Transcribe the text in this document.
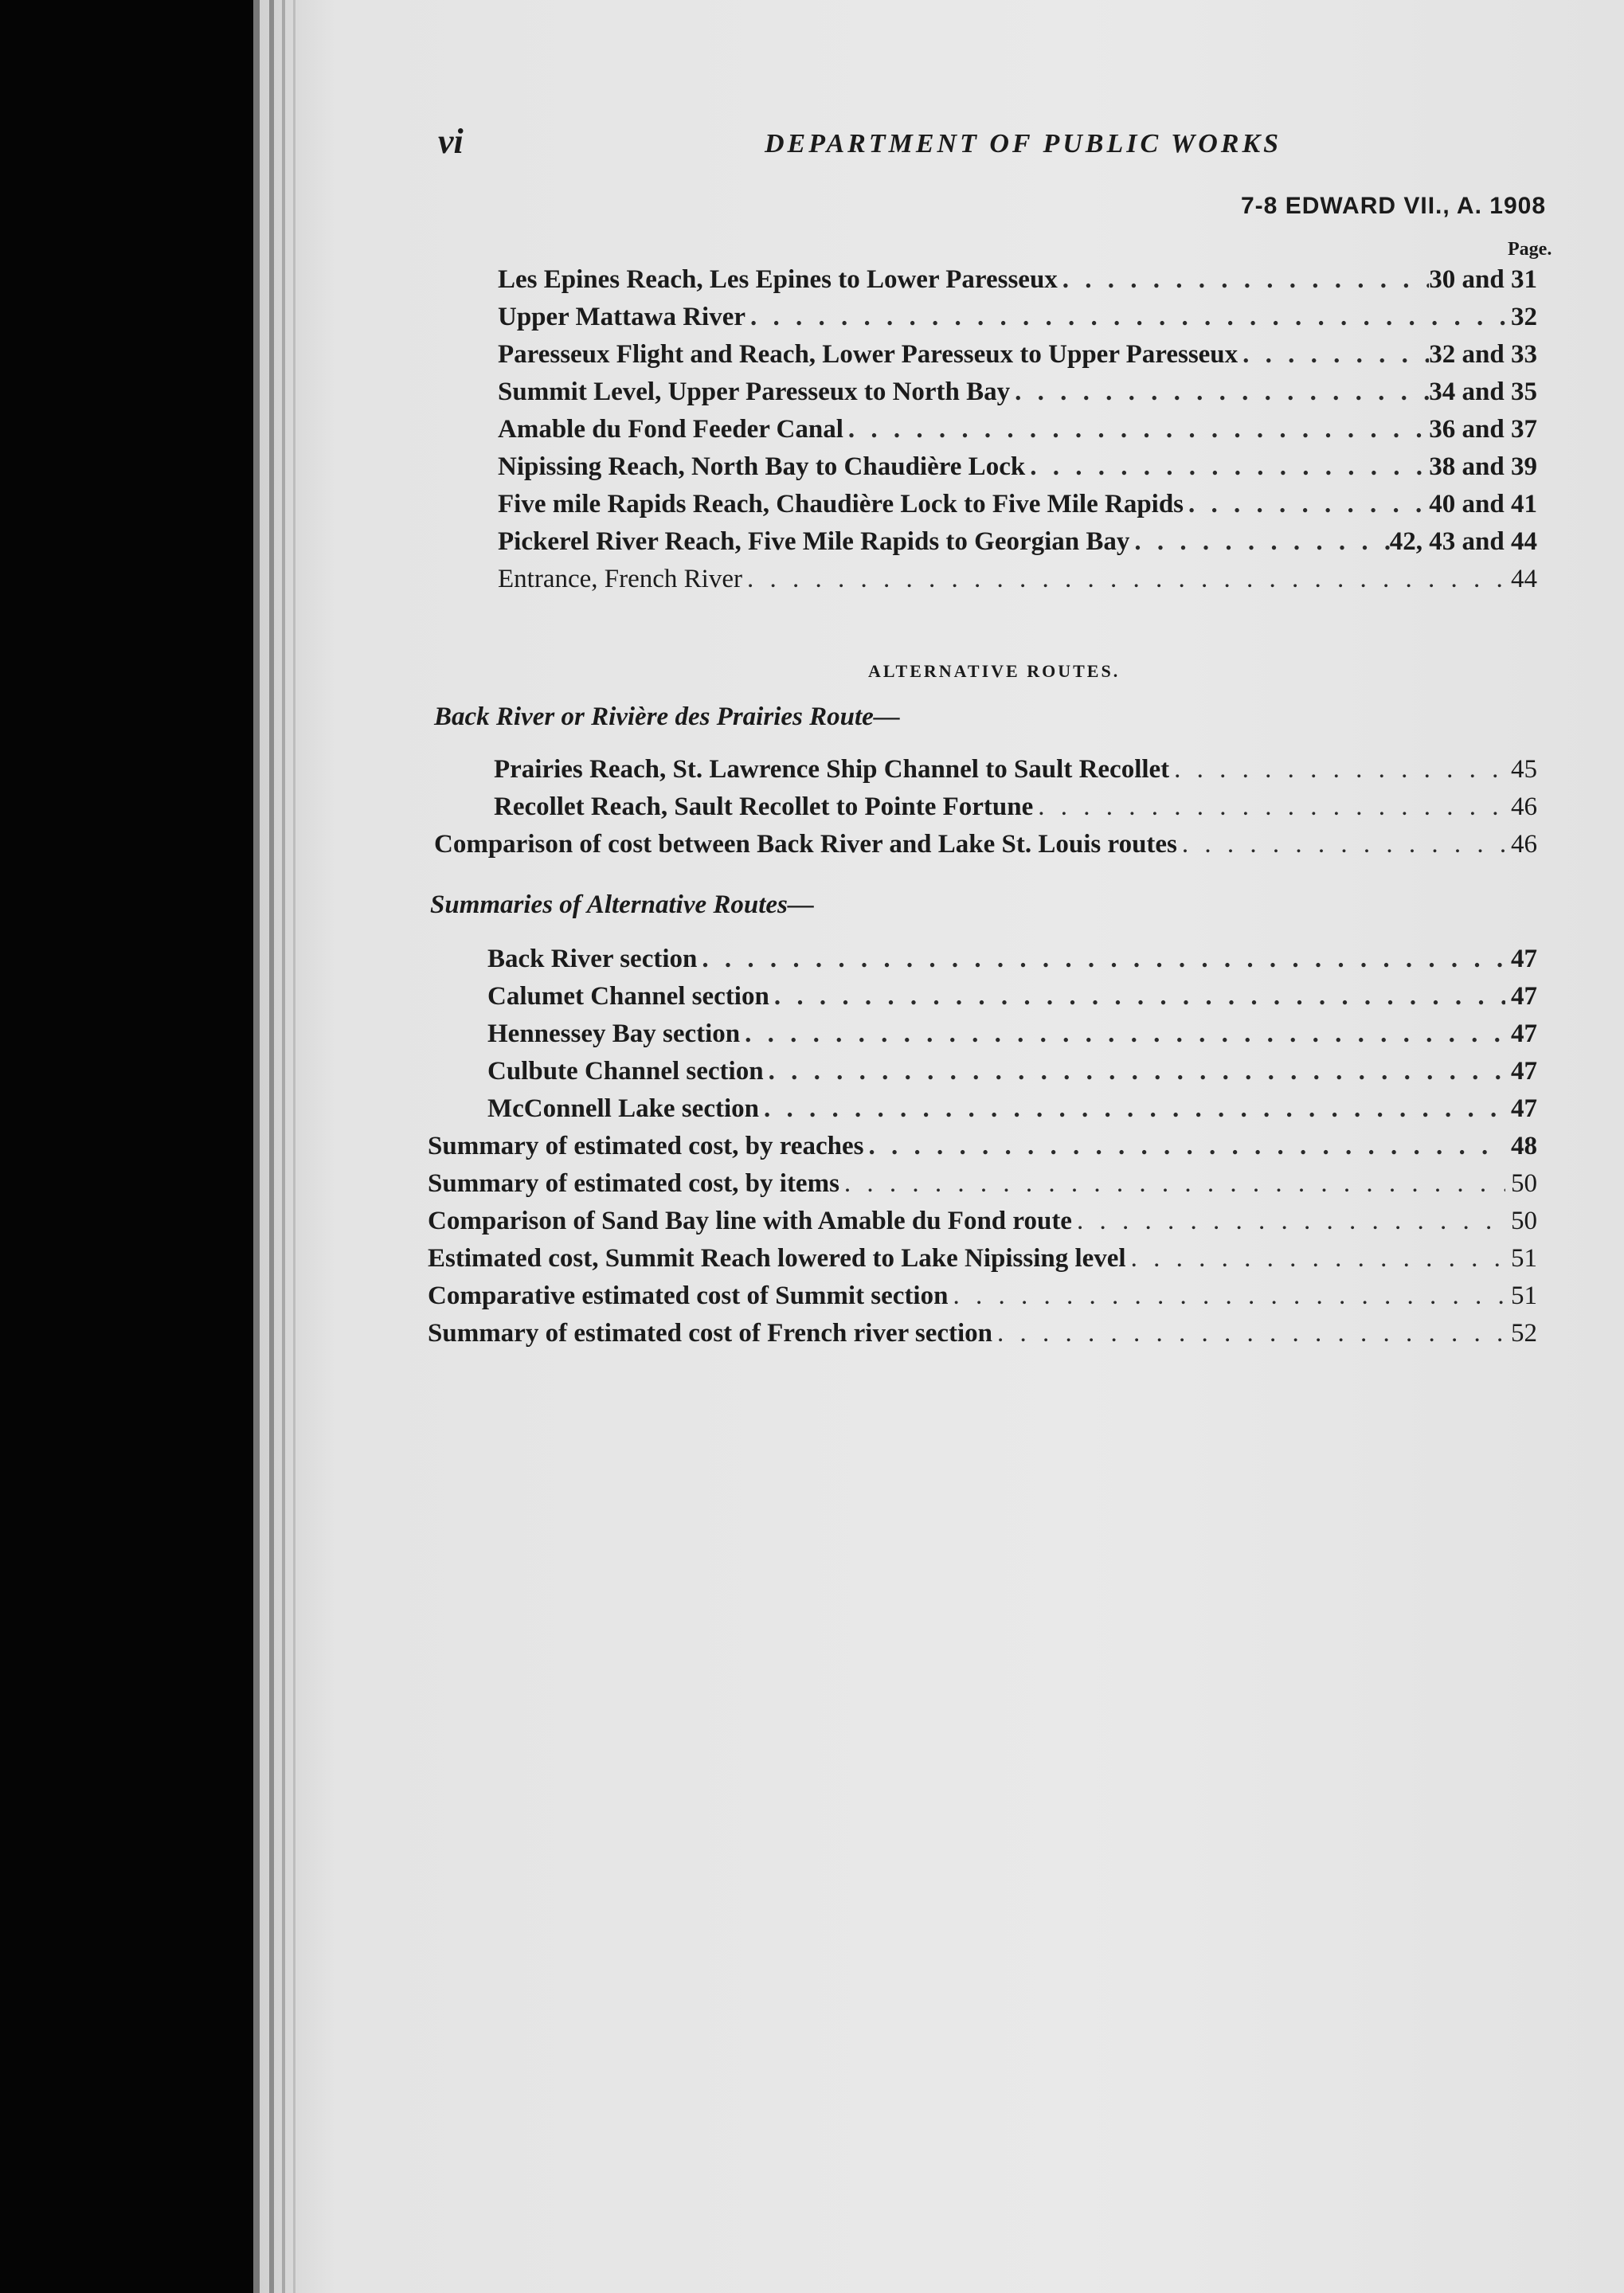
vi	DEPARTMENT OF PUBLIC WORKS
7-8 EDWARD VII., A. 1908
Page.
Les Epines Reach, Les Epines to Lower Paresseux . . .	30 and 31
Upper Mattawa River . . .	32
Paresseux Flight and Reach, Lower Paresseux to Upper Paresseux . . .	32 and 33
Summit Level, Upper Paresseux to North Bay . . .	34 and 35
Amable du Fond Feeder Canal . . .	36 and 37
Nipissing Reach, North Bay to Chaudière Lock . . .	38 and 39
Five mile Rapids Reach, Chaudière Lock to Five Mile Rapids . . .	40 and 41
Pickerel River Reach, Five Mile Rapids to Georgian Bay . . .	42, 43 and 44
Entrance, French River . . .	44
ALTERNATIVE ROUTES.
Back River or Rivière des Prairies Route—
Prairies Reach, St. Lawrence Ship Channel to Sault Recollet . . .	45
Recollet Reach, Sault Recollet to Pointe Fortune . . .	46
Comparison of cost between Back River and Lake St. Louis routes . . .	46
Summaries of Alternative Routes—
Back River section . . .	47
Calumet Channel section . . .	47
Hennessey Bay section . . .	47
Culbute Channel section . . .	47
McConnell Lake section . . .	47
Summary of estimated cost, by reaches . . .	48
Summary of estimated cost, by items . . .	50
Comparison of Sand Bay line with Amable du Fond route . . .	50
Estimated cost, Summit Reach lowered to Lake Nipissing level . . .	51
Comparative estimated cost of Summit section . . .	51
Summary of estimated cost of French river section . . .	52
